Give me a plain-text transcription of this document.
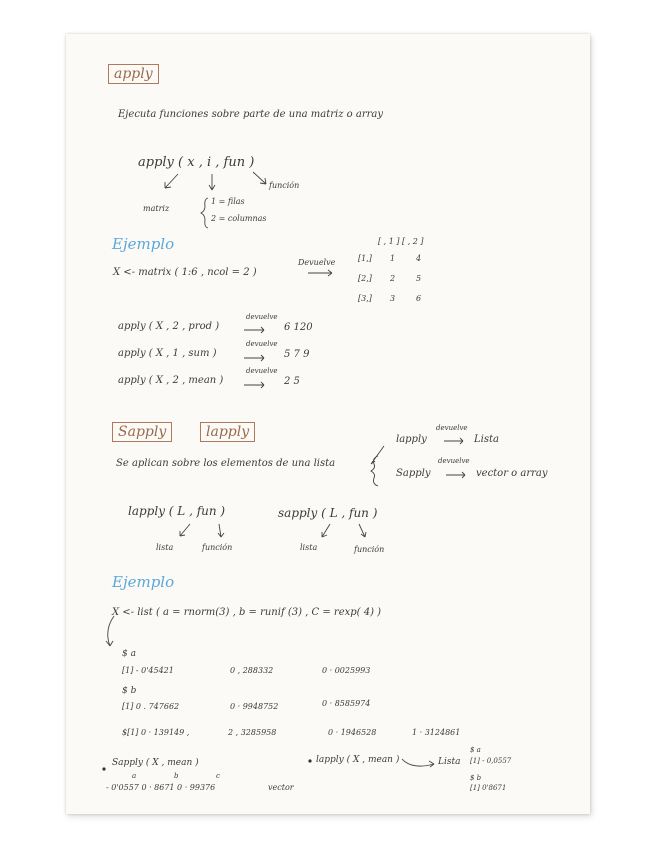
apply
Ejecuta funciones sobre parte de una matriz o array
apply ( x , i , fun )
matriz
función
1 = filas
2 = columnas
Ejemplo
X <- matrix ( 1:6 , ncol = 2 )
Devuelve
[ , 1 ] [ , 2 ]
[1,] 1	4
[2,] 2	5
[3,] 3	6
apply ( X , 2 , prod )
devuelve
6 120
apply ( X , 1 , sum )
devuelve
5 7 9
apply ( X , 2 , mean )
devuelve
2 5
Sapply	lapply
Se aplican sobre los elementos de una lista
lapply
devuelve
Lista
Sapply
devuelve
vector o array
lapply ( L , fun )	sapply ( L , fun )
lista	función	lista	función
Ejemplo
X <- list ( a = rnorm(3) , b = runif (3) , C = rexp( 4) )
$ a
[1] - 0'45421	0 , 288332	0 · 0025993
$ b
[1] 0 . 747662	0 · 9948752	0 · 8585974
$[1] 0 · 139149 ,	2 , 3285958	0 · 1946528	1 · 3124861
Sapply ( X , mean )
a	b	c
- 0'0557 0 · 8671 0 · 99376	vector
lapply ( X , mean )	Lista
$ a
[1] - 0,0557
$ b
[1] 0'8671
